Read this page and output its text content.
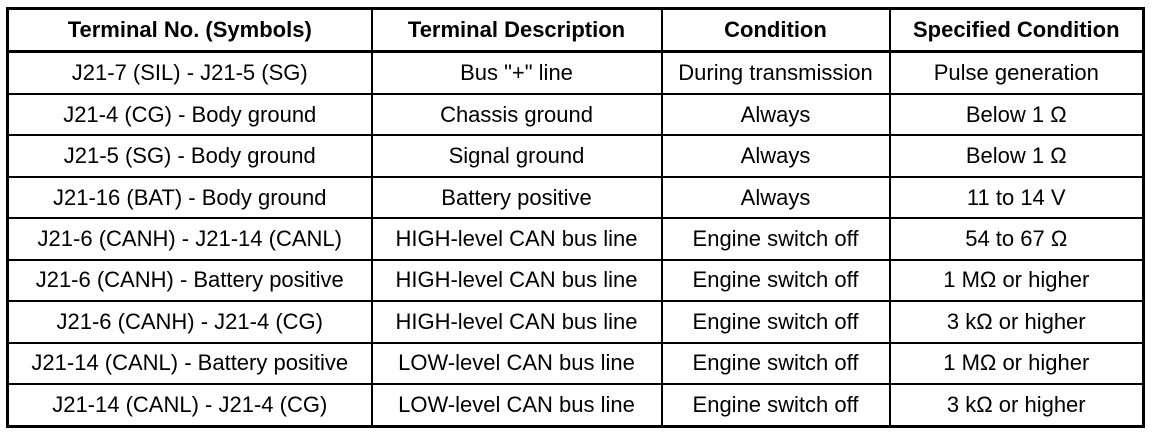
Terminal No. (Symbols)	Terminal Description	Condition	Specified Condition
J21-7 (SIL) - J21-5 (SG)	Bus "+" line	During transmission	Pulse generation
J21-4 (CG) - Body ground	Chassis ground	Always	Below 1 Ω
J21-5 (SG) - Body ground	Signal ground	Always	Below 1 Ω
J21-16 (BAT) - Body ground	Battery positive	Always	11 to 14 V
J21-6 (CANH) - J21-14 (CANL)	HIGH-level CAN bus line	Engine switch off	54 to 67 Ω
J21-6 (CANH) - Battery positive	HIGH-level CAN bus line	Engine switch off	1 MΩ or higher
J21-6 (CANH) - J21-4 (CG)	HIGH-level CAN bus line	Engine switch off	3 kΩ or higher
J21-14 (CANL) - Battery positive	LOW-level CAN bus line	Engine switch off	1 MΩ or higher
J21-14 (CANL) - J21-4 (CG)	LOW-level CAN bus line	Engine switch off	3 kΩ or higher
